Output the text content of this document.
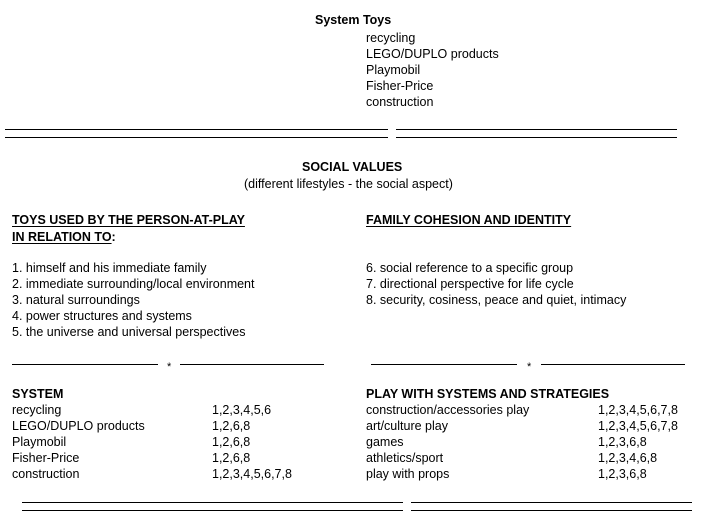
System Toys
recycling
LEGO/DUPLO products
Playmobil
Fisher-Price
construction
SOCIAL VALUES
(different lifestyles - the social aspect)
TOYS USED BY THE PERSON-AT-PLAY
IN RELATION TO:
1. himself and his immediate family
2. immediate surrounding/local environment
3. natural surroundings
4. power structures and systems
5. the universe and universal perspectives
FAMILY COHESION AND IDENTITY
6. social reference to a specific group
7. directional perspective for life cycle
8. security, cosiness, peace and quiet, intimacy
*	*
SYSTEM
recycling	1,2,3,4,5,6
LEGO/DUPLO products	1,2,6,8
Playmobil	1,2,6,8
Fisher-Price	1,2,6,8
construction	1,2,3,4,5,6,7,8
PLAY WITH SYSTEMS AND STRATEGIES
construction/accessories play	1,2,3,4,5,6,7,8
art/culture play	1,2,3,4,5,6,7,8
games	1,2,3,6,8
athletics/sport	1,2,3,4,6,8
play with props	1,2,3,6,8
